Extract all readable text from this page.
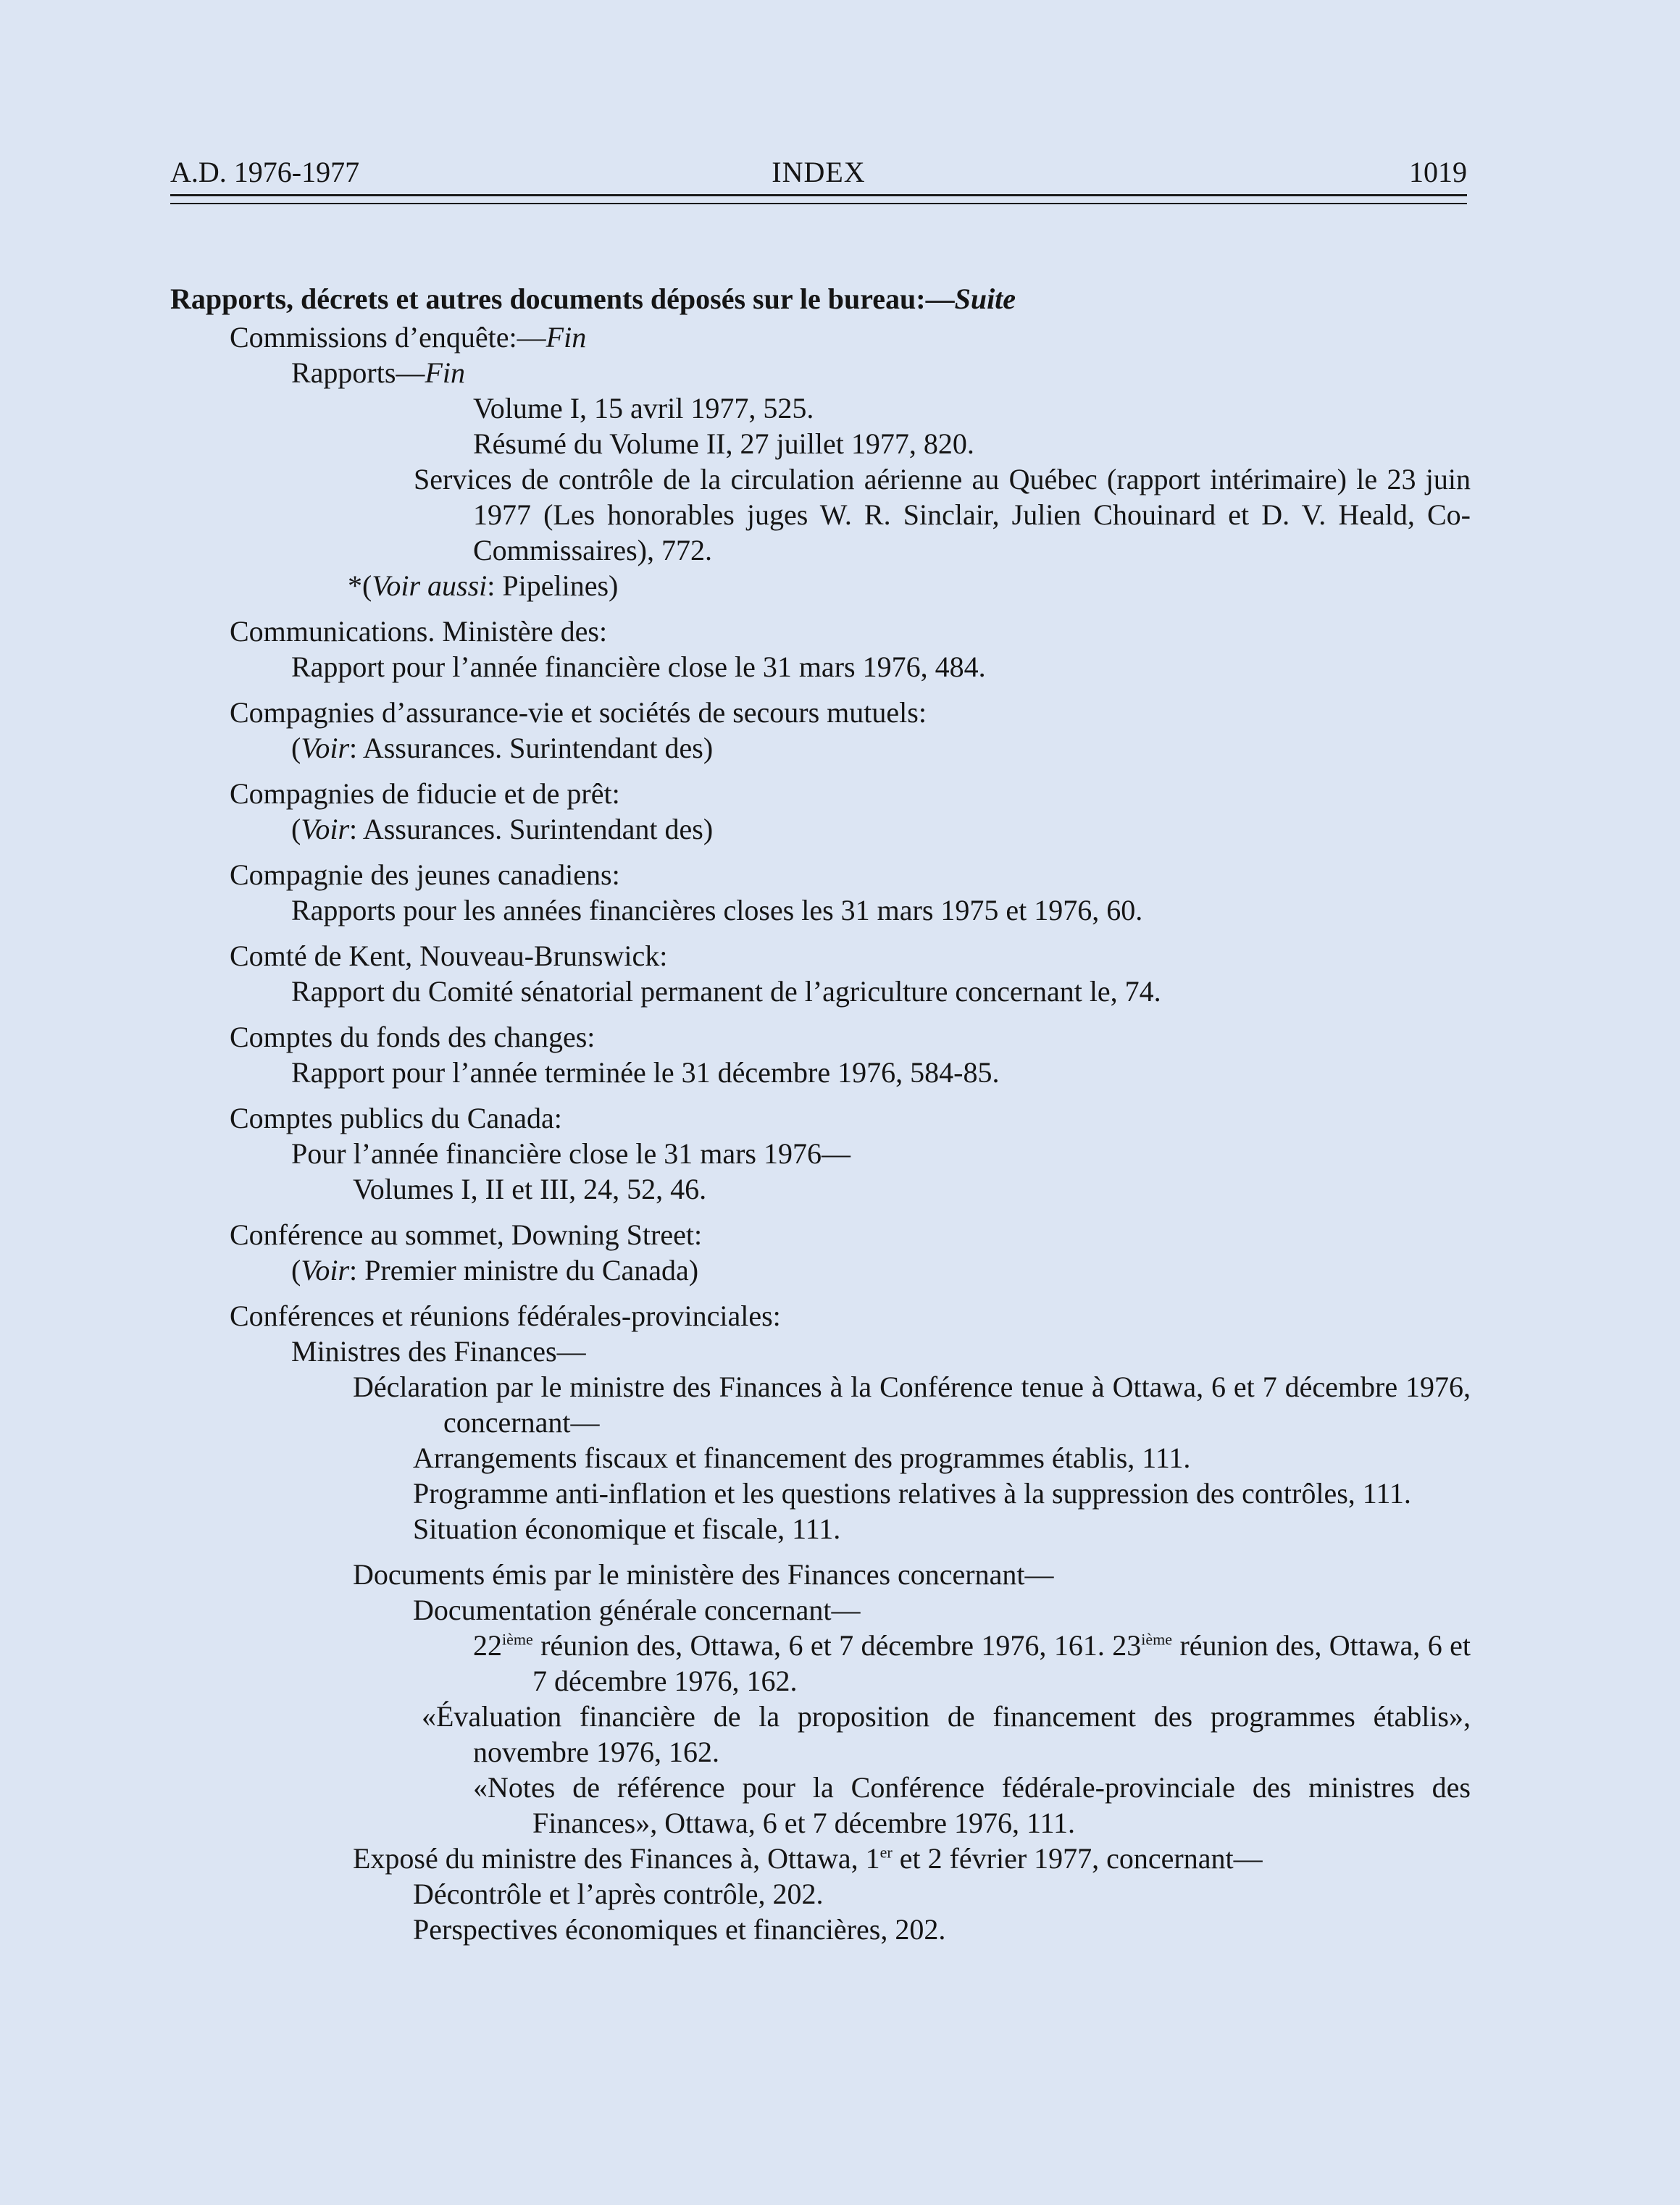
A.D. 1976-1977	INDEX	1019

Rapports, décrets et autres documents déposés sur le bureau:—Suite

Commissions d’enquête:—Fin

Rapports—Fin

Volume I, 15 avril 1977, 525.

Résumé du Volume II, 27 juillet 1977, 820.

Services de contrôle de la circulation aérienne au Québec (rapport intérimaire) le 23 juin 1977 (Les honorables juges W. R. Sinclair, Julien Chouinard et D. V. Heald, Co-Commissaires), 772.

*(Voir aussi: Pipelines)

Communications. Ministère des:

Rapport pour l’année financière close le 31 mars 1976, 484.

Compagnies d’assurance-vie et sociétés de secours mutuels:

(Voir: Assurances. Surintendant des)

Compagnies de fiducie et de prêt:

(Voir: Assurances. Surintendant des)

Compagnie des jeunes canadiens:

Rapports pour les années financières closes les 31 mars 1975 et 1976, 60.

Comté de Kent, Nouveau-Brunswick:

Rapport du Comité sénatorial permanent de l’agriculture concernant le, 74.

Comptes du fonds des changes:

Rapport pour l’année terminée le 31 décembre 1976, 584-85.

Comptes publics du Canada:

Pour l’année financière close le 31 mars 1976—

Volumes I, II et III, 24, 52, 46.

Conférence au sommet, Downing Street:

(Voir: Premier ministre du Canada)

Conférences et réunions fédérales-provinciales:

Ministres des Finances—

Déclaration par le ministre des Finances à la Conférence tenue à Ottawa, 6 et 7 décembre 1976, concernant—

Arrangements fiscaux et financement des programmes établis, 111.

Programme anti-inflation et les questions relatives à la suppression des contrôles, 111.

Situation économique et fiscale, 111.

Documents émis par le ministère des Finances concernant—

Documentation générale concernant—

22ième réunion des, Ottawa, 6 et 7 décembre 1976, 161. 23ième réunion des, Ottawa, 6 et 7 décembre 1976, 162.

«Évaluation financière de la proposition de financement des programmes établis», novembre 1976, 162.

«Notes de référence pour la Conférence fédérale-provinciale des ministres des Finances», Ottawa, 6 et 7 décembre 1976, 111.

Exposé du ministre des Finances à, Ottawa, 1er et 2 février 1977, concernant—

Décontrôle et l’après contrôle, 202.

Perspectives économiques et financières, 202.
